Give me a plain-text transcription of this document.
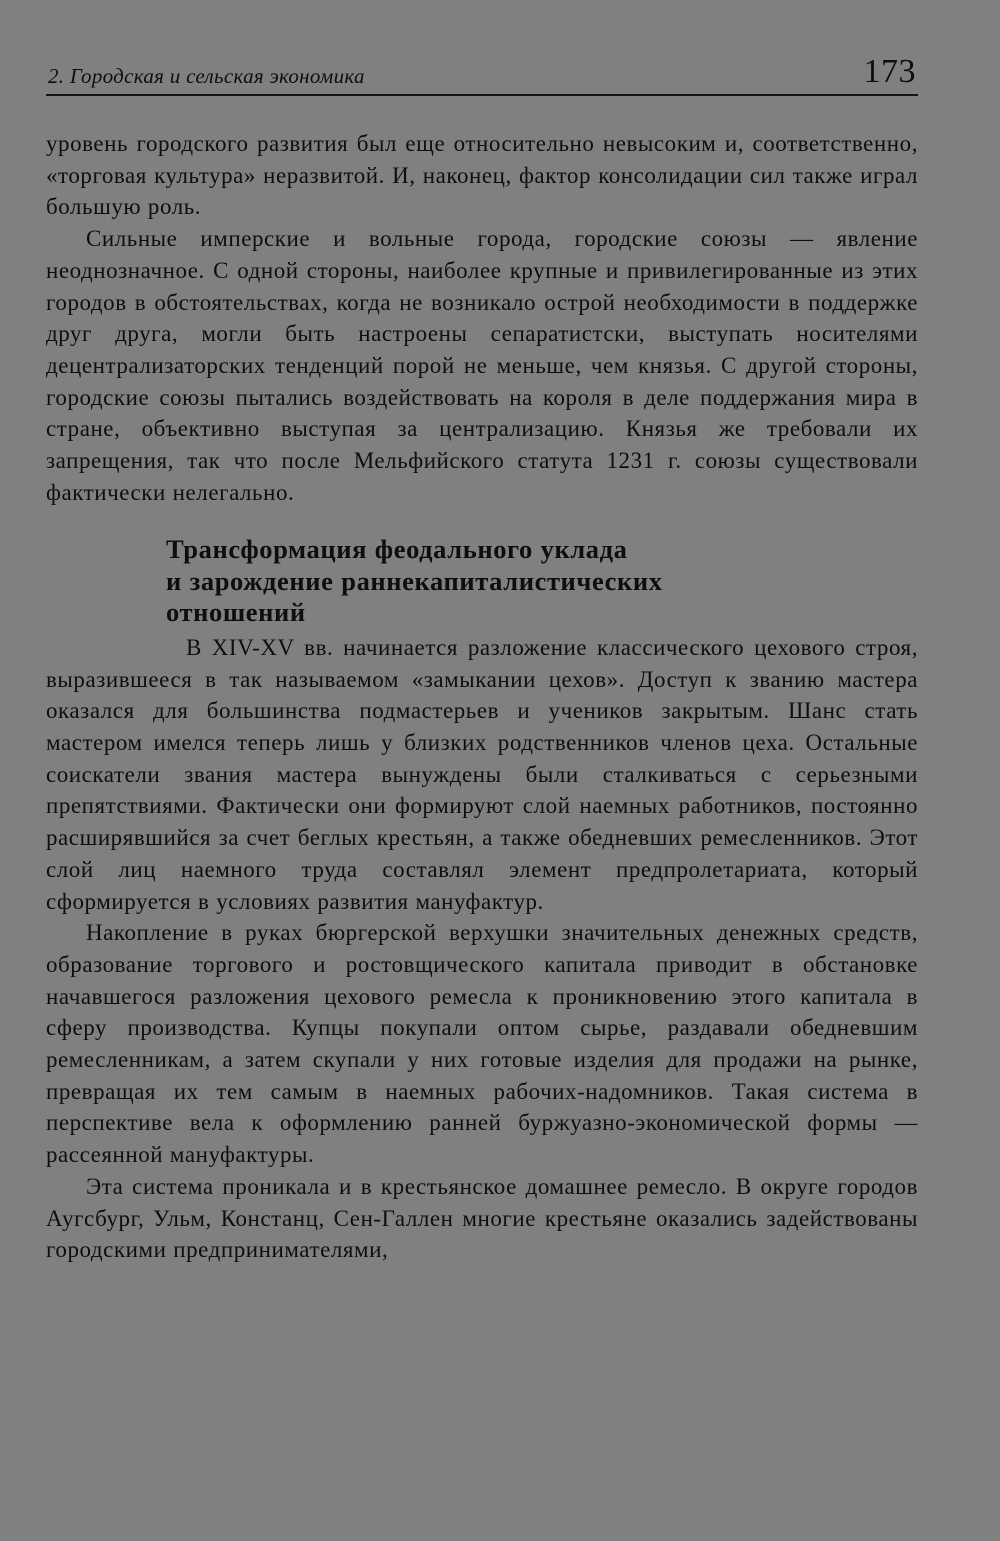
2. Городская и сельская экономика	173

уровень городского развития был еще относительно невысоким и, соответственно, «торговая культура» неразвитой. И, наконец, фактор консолидации сил также играл большую роль.

Сильные имперские и вольные города, городские союзы — явление неоднозначное. С одной стороны, наиболее крупные и привилегированные из этих городов в обстоятельствах, когда не возникало острой необходимости в поддержке друг друга, могли быть настроены сепаратистски, выступать носителями децентрализаторских тенденций порой не меньше, чем князья. С другой стороны, городские союзы пытались воздействовать на короля в деле поддержания мира в стране, объективно выступая за централизацию. Князья же требовали их запрещения, так что после Мельфийского статута 1231 г. союзы существовали фактически нелегально.

Трансформация феодального уклада
и зарождение раннекапиталистических
отношений

В XIV-XV вв. начинается разложение классического цехового строя, выразившееся в так называемом «замыкании цехов». Доступ к званию мастера оказался для большинства подмастерьев и учеников закрытым. Шанс стать мастером имелся теперь лишь у близких родственников членов цеха. Остальные соискатели звания мастера вынуждены были сталкиваться с серьезными препятствиями. Фактически они формируют слой наемных работников, постоянно расширявшийся за счет беглых крестьян, а также обедневших ремесленников. Этот слой лиц наемного труда составлял элемент предпролетариата, который сформируется в условиях развития мануфактур.

Накопление в руках бюргерской верхушки значительных денежных средств, образование торгового и ростовщического капитала приводит в обстановке начавшегося разложения цехового ремесла к проникновению этого капитала в сферу производства. Купцы покупали оптом сырье, раздавали обедневшим ремесленникам, а затем скупали у них готовые изделия для продажи на рынке, превращая их тем самым в наемных рабочих-надомников. Такая система в перспективе вела к оформлению ранней буржуазно-экономической формы — рассеянной мануфактуры.

Эта система проникала и в крестьянское домашнее ремесло. В округе городов Аугсбург, Ульм, Констанц, Сен-Галлен многие крестьяне оказались задействованы городскими предпринимателями,
